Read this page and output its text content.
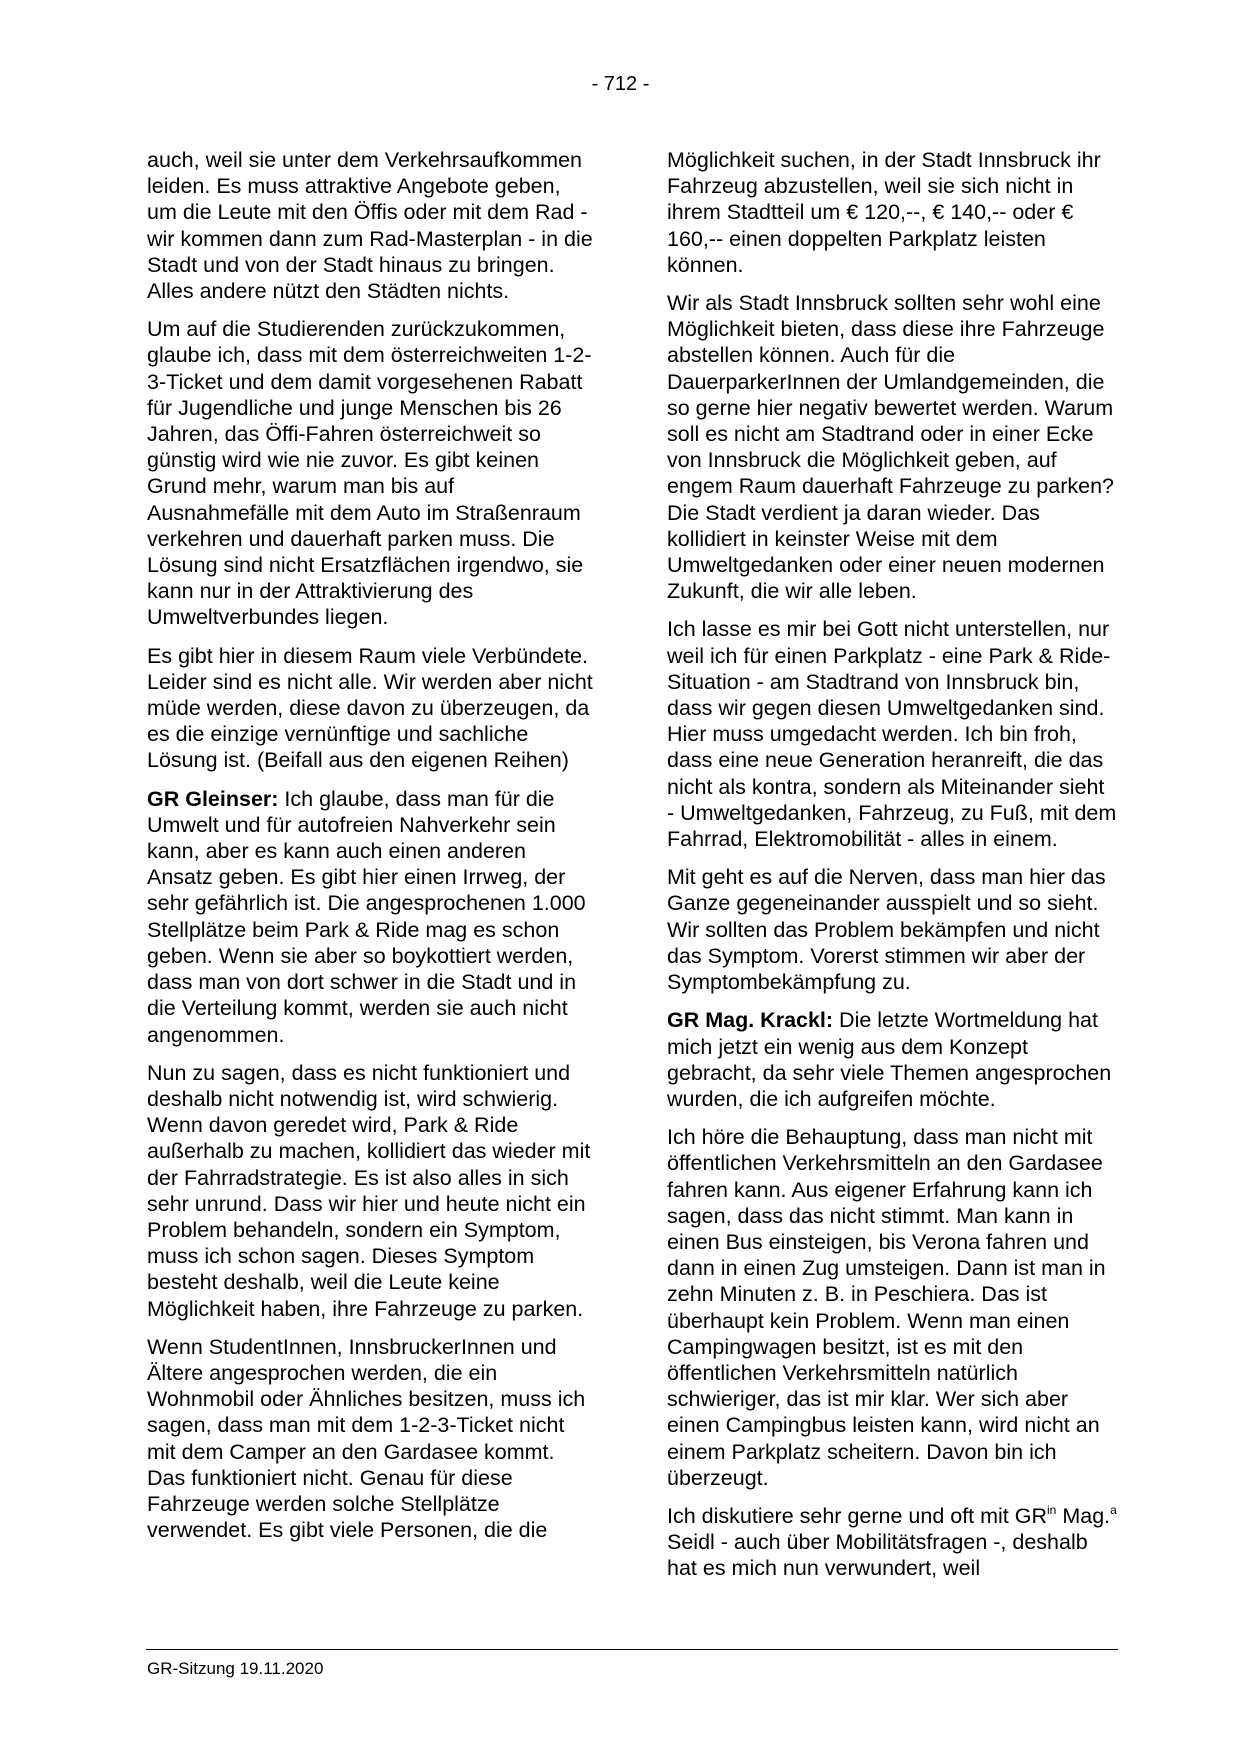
- 712 -

auch, weil sie unter dem Verkehrsaufkommen leiden. Es muss attraktive Angebote geben, um die Leute mit den Öffis oder mit dem Rad - wir kommen dann zum Rad-Masterplan - in die Stadt und von der Stadt hinaus zu bringen. Alles andere nützt den Städten nichts.

Um auf die Studierenden zurückzukommen, glaube ich, dass mit dem österreichweiten 1-2-3-Ticket und dem damit vorgesehenen Rabatt für Jugendliche und junge Menschen bis 26 Jahren, das Öffi-Fahren österreichweit so günstig wird wie nie zuvor. Es gibt keinen Grund mehr, warum man bis auf Ausnahmefälle mit dem Auto im Straßenraum verkehren und dauerhaft parken muss. Die Lösung sind nicht Ersatzflächen irgendwo, sie kann nur in der Attraktivierung des Umweltverbundes liegen.

Es gibt hier in diesem Raum viele Verbündete. Leider sind es nicht alle. Wir werden aber nicht müde werden, diese davon zu überzeugen, da es die einzige vernünftige und sachliche Lösung ist. (Beifall aus den eigenen Reihen)

GR Gleinser: Ich glaube, dass man für die Umwelt und für autofreien Nahverkehr sein kann, aber es kann auch einen anderen Ansatz geben. Es gibt hier einen Irrweg, der sehr gefährlich ist. Die angesprochenen 1.000 Stellplätze beim Park & Ride mag es schon geben. Wenn sie aber so boykottiert werden, dass man von dort schwer in die Stadt und in die Verteilung kommt, werden sie auch nicht angenommen.

Nun zu sagen, dass es nicht funktioniert und deshalb nicht notwendig ist, wird schwierig. Wenn davon geredet wird, Park & Ride außerhalb zu machen, kollidiert das wieder mit der Fahrradstrategie. Es ist also alles in sich sehr unrund. Dass wir hier und heute nicht ein Problem behandeln, sondern ein Symptom, muss ich schon sagen. Dieses Symptom besteht deshalb, weil die Leute keine Möglichkeit haben, ihre Fahrzeuge zu parken.

Wenn StudentInnen, InnsbruckerInnen und Ältere angesprochen werden, die ein Wohnmobil oder Ähnliches besitzen, muss ich sagen, dass man mit dem 1-2-3-Ticket nicht mit dem Camper an den Gardasee kommt. Das funktioniert nicht. Genau für diese Fahrzeuge werden solche Stellplätze verwendet. Es gibt viele Personen, die die

Möglichkeit suchen, in der Stadt Innsbruck ihr Fahrzeug abzustellen, weil sie sich nicht in ihrem Stadtteil um € 120,--, € 140,-- oder € 160,-- einen doppelten Parkplatz leisten können.

Wir als Stadt Innsbruck sollten sehr wohl eine Möglichkeit bieten, dass diese ihre Fahrzeuge abstellen können. Auch für die DauerparkerInnen der Umlandgemeinden, die so gerne hier negativ bewertet werden. Warum soll es nicht am Stadtrand oder in einer Ecke von Innsbruck die Möglichkeit geben, auf engem Raum dauerhaft Fahrzeuge zu parken? Die Stadt verdient ja daran wieder. Das kollidiert in keinster Weise mit dem Umweltgedanken oder einer neuen modernen Zukunft, die wir alle leben.

Ich lasse es mir bei Gott nicht unterstellen, nur weil ich für einen Parkplatz - eine Park & Ride-Situation - am Stadtrand von Innsbruck bin, dass wir gegen diesen Umweltgedanken sind. Hier muss umgedacht werden. Ich bin froh, dass eine neue Generation heranreift, die das nicht als kontra, sondern als Miteinander sieht - Umweltgedanken, Fahrzeug, zu Fuß, mit dem Fahrrad, Elektromobilität - alles in einem.

Mit geht es auf die Nerven, dass man hier das Ganze gegeneinander ausspielt und so sieht. Wir sollten das Problem bekämpfen und nicht das Symptom. Vorerst stimmen wir aber der Symptombekämpfung zu.

GR Mag. Krackl: Die letzte Wortmeldung hat mich jetzt ein wenig aus dem Konzept gebracht, da sehr viele Themen angesprochen wurden, die ich aufgreifen möchte.

Ich höre die Behauptung, dass man nicht mit öffentlichen Verkehrsmitteln an den Gardasee fahren kann. Aus eigener Erfahrung kann ich sagen, dass das nicht stimmt. Man kann in einen Bus einsteigen, bis Verona fahren und dann in einen Zug umsteigen. Dann ist man in zehn Minuten z. B. in Peschiera. Das ist überhaupt kein Problem. Wenn man einen Campingwagen besitzt, ist es mit den öffentlichen Verkehrsmitteln natürlich schwieriger, das ist mir klar. Wer sich aber einen Campingbus leisten kann, wird nicht an einem Parkplatz scheitern. Davon bin ich überzeugt.

Ich diskutiere sehr gerne und oft mit $GR^{in}$ Mag.$^a$ Seidl - auch über Mobilitätsfragen -, deshalb hat es mich nun verwundert, weil

GR-Sitzung 19.11.2020
